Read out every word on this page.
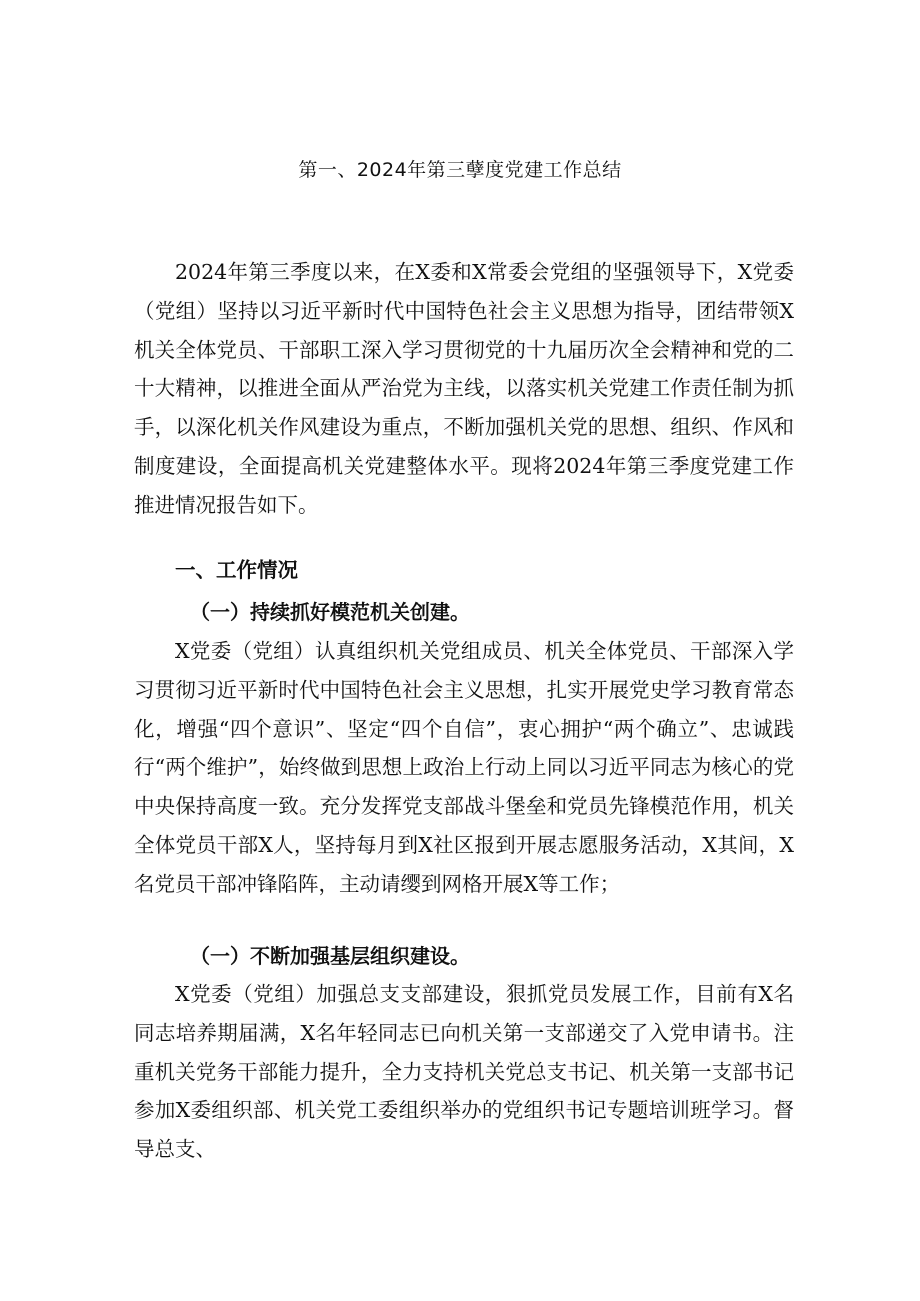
第一、2024年第三孽度党建工作总结

2024年第三季度以来，在X委和X常委会党组的坚强领导下，X党委（党组）坚持以习近平新时代中国特色社会主义思想为指导，团结带领X机关全体党员、干部职工深入学习贯彻党的十九届历次全会精神和党的二十大精神，以推进全面从严治党为主线，以落实机关党建工作责任制为抓手，以深化机关作风建设为重点，不断加强机关党的思想、组织、作风和制度建设，全面提高机关党建整体水平。现将2024年第三季度党建工作推进情况报告如下。

一、工作情况
（一）持续抓好模范机关创建。

X党委（党组）认真组织机关党组成员、机关全体党员、干部深入学习贯彻习近平新时代中国特色社会主义思想，扎实开展党史学习教育常态化，增强“四个意识”、坚定“四个自信”，衷心拥护“两个确立”、忠诚践行“两个维护”，始终做到思想上政治上行动上同以习近平同志为核心的党中央保持高度一致。充分发挥党支部战斗堡垒和党员先锋模范作用，机关全体党员干部X人，坚持每月到X社区报到开展志愿服务活动，X其间，X名党员干部冲锋陷阵，主动请缨到网格开展X等工作；

（一）不断加强基层组织建设。

X党委（党组）加强总支支部建设，狠抓党员发展工作，目前有X名同志培养期届满，X名年轻同志已向机关第一支部递交了入党申请书。注重机关党务干部能力提升，全力支持机关党总支书记、机关第一支部书记参加X委组织部、机关党工委组织举办的党组织书记专题培训班学习。督导总支、
